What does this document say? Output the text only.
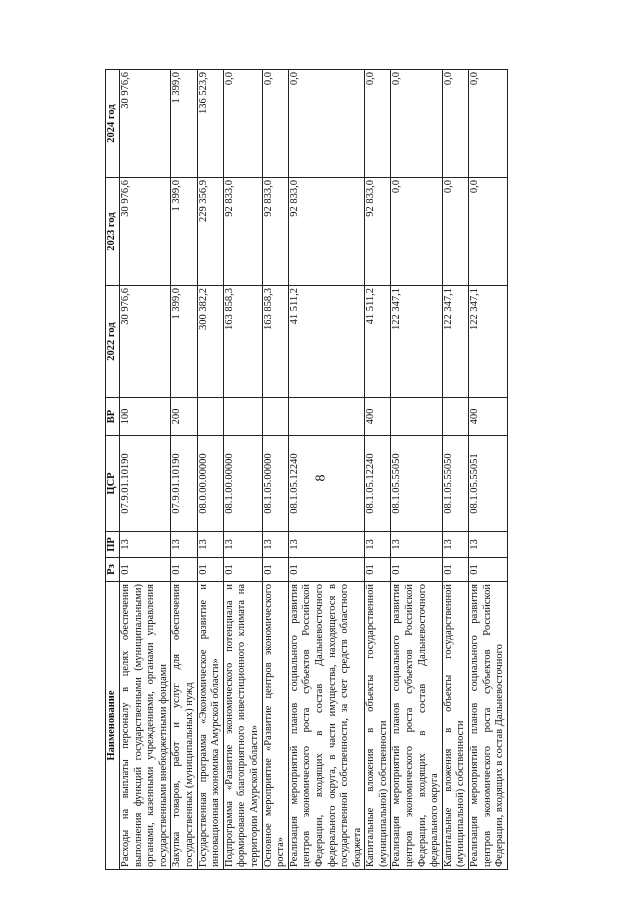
8
Наименование	Рз	ПР	ЦСР	ВР	2022 год	2023 год	2024 год
Расходы на выплаты персоналу в целях обеспечения выполнения функций государственными (муниципальными) органами, казенными учреждениями, органами управления государственными внебюджетными фондами	01	13	07.9.01.10190	100	30 976,6	30 976,6	30 976,6
Закупка товаров, работ и услуг для обеспечения государственных (муниципальных) нужд	01	13	07.9.01.10190	200	1 399,0	1 399,0	1 399,0
Государственная программа «Экономическое развитие и инновационная экономика Амурской области»	01	13	08.0.00.00000		300 382,2	229 356,9	136 523,9
Подпрограмма «Развитие экономического потенциала и формирование благоприятного инвестиционного климата на территории Амурской области»	01	13	08.1.00.00000		163 858,3	92 833,0	0,0
Основное мероприятие «Развитие центров экономического роста»	01	13	08.1.05.00000		163 858,3	92 833,0	0,0
Реализация мероприятий планов социального развития центров экономического роста субъектов Российской Федерации, входящих в состав Дальневосточного федерального округа, в части имущества, находящегося в государственной собственности, за счет средств областного бюджета	01	13	08.1.05.12240		41 511,2	92 833,0	0,0
Капитальные вложения в объекты государственной (муниципальной) собственности	01	13	08.1.05.12240	400	41 511,2	92 833,0	0,0
Реализация мероприятий планов социального развития центров экономического роста субъектов Российской Федерации, входящих в состав Дальневосточного федерального округа	01	13	08.1.05.55050		122 347,1	0,0	0,0
Капитальные вложения в объекты государственной (муниципальной) собственности	01	13	08.1.05.55050		122 347,1	0,0	0,0
Реализация мероприятий планов социального развития центров экономического роста субъектов Российской Федерации, входящих в состав Дальневосточного	01	13	08.1.05.55051	400	122 347,1	0,0	0,0
